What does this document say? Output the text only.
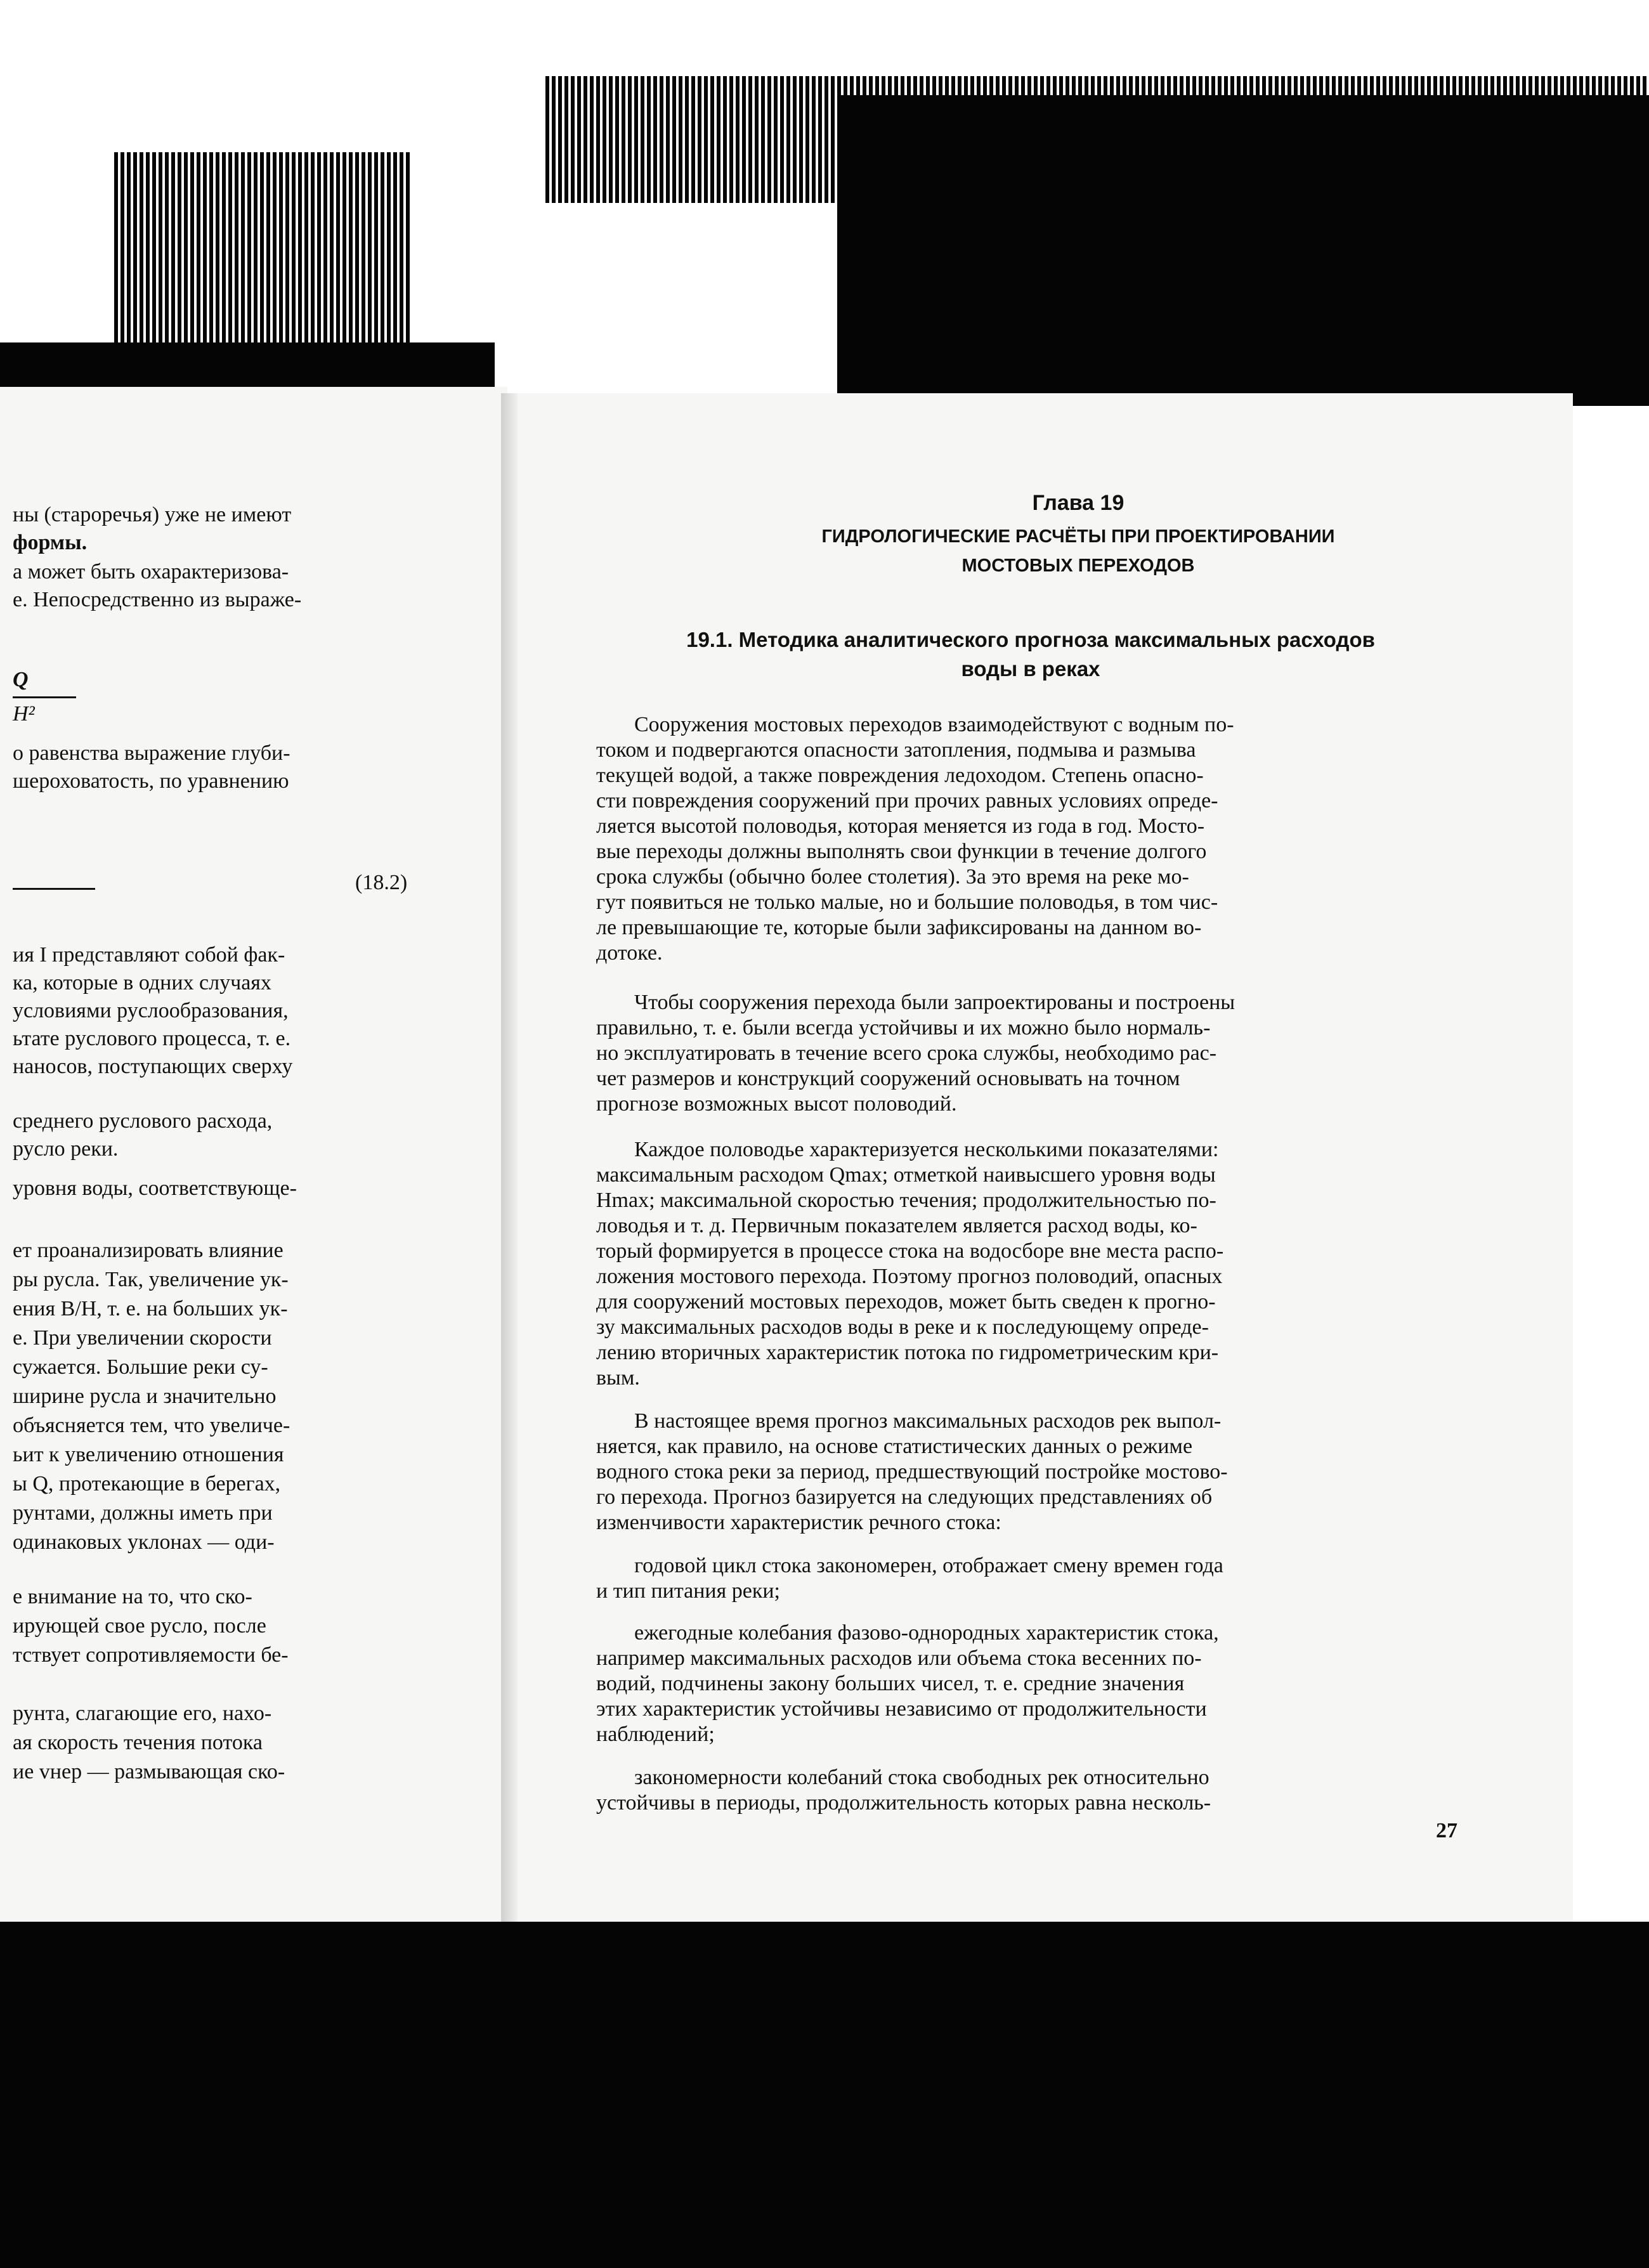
ны (староречья) уже не имеют
формы.
а может быть охарактеризова-
е. Непосредственно из выраже-
Q
H²
о равенства выражение глуби-
шероховатость, по уравнению
(18.2)
ия I представляют собой фак-
ка, которые в одних случаях
условиями руслообразования,
ьтате руслового процесса, т. е.
наносов, поступающих сверху
среднего руслового расхода,
русло реки.
уровня воды, соответствующе-
ет проанализировать влияние
ры русла. Так, увеличение ук-
ения B/H, т. е. на больших ук-
е. При увеличении скорости
сужается. Большие реки су-
ширине русла и значительно
объясняется тем, что увеличе-
ьит к увеличению отношения
ы Q, протекающие в берегах,
рунтами, должны иметь при
одинаковых уклонах — оди-
е внимание на то, что ско-
ирующей свое русло, после
тствует сопротивляемости бе-
рунта, слагающие его, нахо-
ая скорость течения потока
ие vнер — размывающая ско-
Глава 19
ГИДРОЛОГИЧЕСКИЕ РАСЧЁТЫ ПРИ ПРОЕКТИРОВАНИИ
МОСТОВЫХ ПЕРЕХОДОВ
19.1. Методика аналитического прогноза максимальных расходов
воды в реках
Сооружения мостовых переходов взаимодействуют с водным по-
током и подвергаются опасности затопления, подмыва и размыва
текущей водой, а также повреждения ледоходом. Степень опасно-
сти повреждения сооружений при прочих равных условиях опреде-
ляется высотой половодья, которая меняется из года в год. Мосто-
вые переходы должны выполнять свои функции в течение долгого
срока службы (обычно более столетия). За это время на реке мо-
гут появиться не только малые, но и большие половодья, в том чис-
ле превышающие те, которые были зафиксированы на данном во-
дотоке.
Чтобы сооружения перехода были запроектированы и построены
правильно, т. е. были всегда устойчивы и их можно было нормаль-
но эксплуатировать в течение всего срока службы, необходимо рас-
чет размеров и конструкций сооружений основывать на точном
прогнозе возможных высот половодий.
Каждое половодье характеризуется несколькими показателями:
максимальным расходом Qmax; отметкой наивысшего уровня воды
Hmax; максимальной скоростью течения; продолжительностью по-
ловодья и т. д. Первичным показателем является расход воды, ко-
торый формируется в процессе стока на водосборе вне места распо-
ложения мостового перехода. Поэтому прогноз половодий, опасных
для сооружений мостовых переходов, может быть сведен к прогно-
зу максимальных расходов воды в реке и к последующему опреде-
лению вторичных характеристик потока по гидрометрическим кри-
вым.
В настоящее время прогноз максимальных расходов рек выпол-
няется, как правило, на основе статистических данных о режиме
водного стока реки за период, предшествующий постройке мостово-
го перехода. Прогноз базируется на следующих представлениях об
изменчивости характеристик речного стока:
годовой цикл стока закономерен, отображает смену времен года
и тип питания реки;
ежегодные колебания фазово-однородных характеристик стока,
например максимальных расходов или объема стока весенних по-
водий, подчинены закону больших чисел, т. е. средние значения
этих характеристик устойчивы независимо от продолжительности
наблюдений;
закономерности колебаний стока свободных рек относительно
устойчивы в периоды, продолжительность которых равна несколь-
27
